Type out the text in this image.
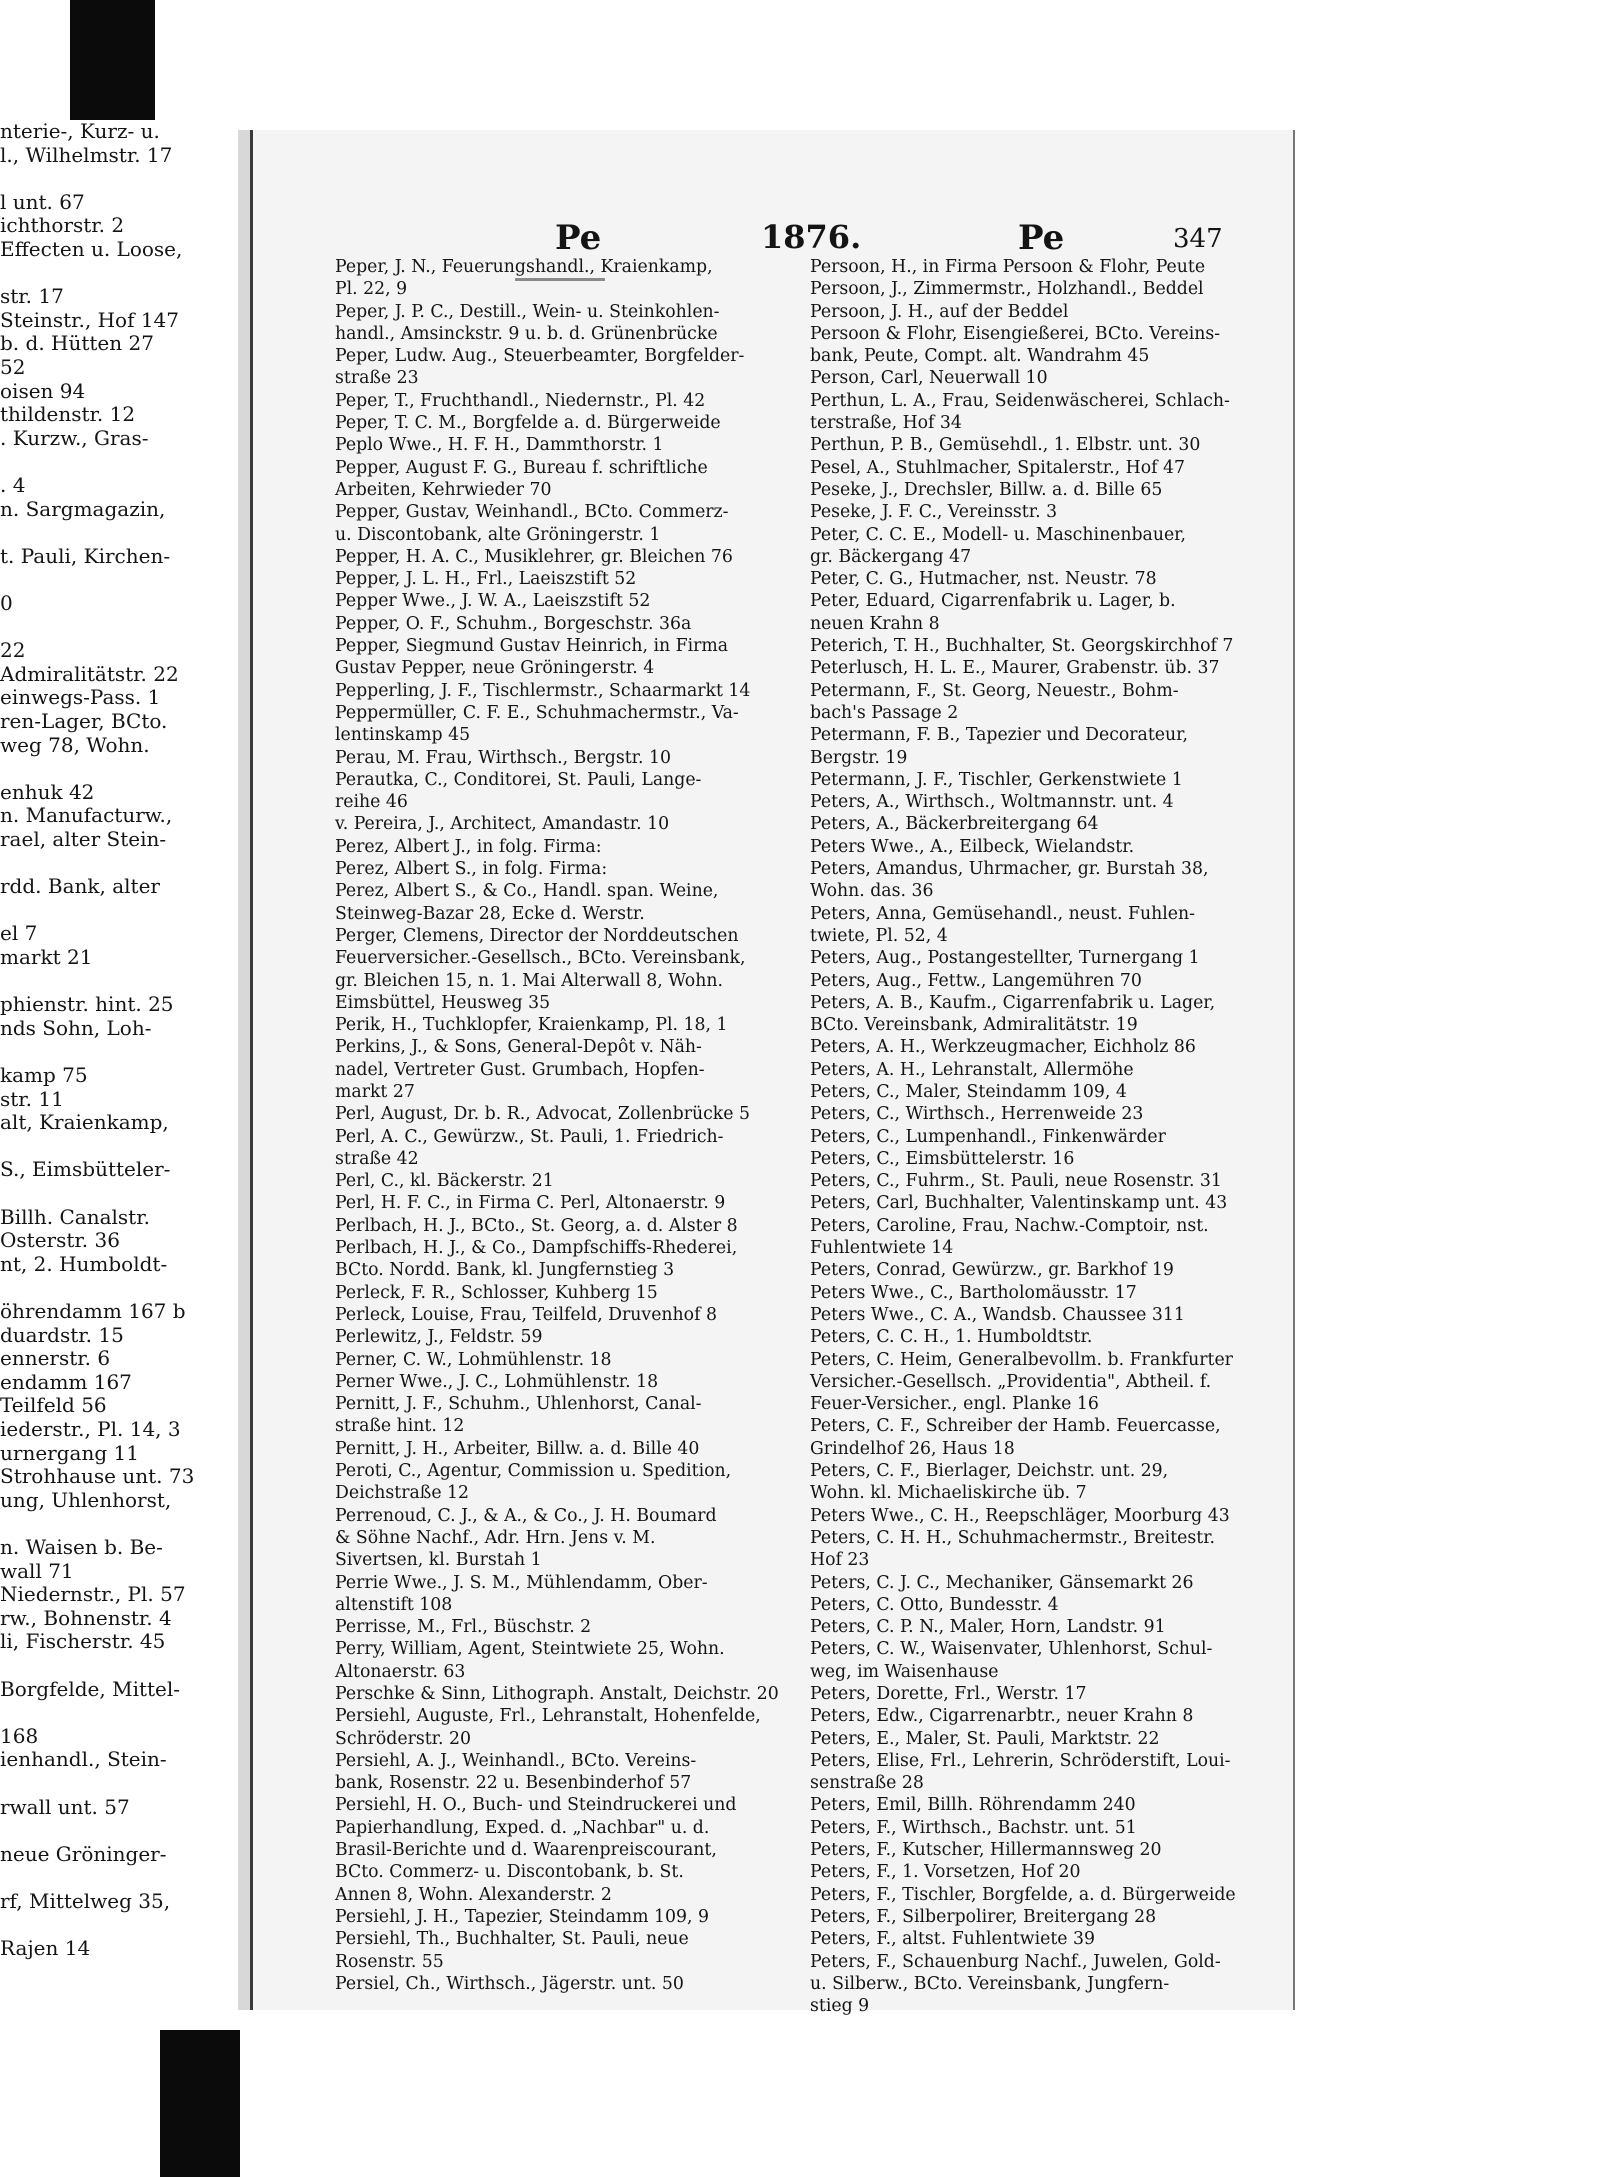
nterie-, Kurz- u.
l., Wilhelmstr. 17
l unt. 67
ichthorstr. 2
Effecten u. Loose,
str. 17
Steinstr., Hof 147
b. d. Hütten 27
52
oisen 94
thildenstr. 12
. Kurzw., Gras-
. 4
n. Sargmagazin,
t. Pauli, Kirchen-
0
22
Admiralitätstr. 22
einwegs-Pass. 1
ren-Lager, BCto.
weg 78, Wohn.
enhuk 42
n. Manufacturw.,
rael, alter Stein-
rdd. Bank, alter
el 7
markt 21
phienstr. hint. 25
nds Sohn, Loh-
kamp 75
str. 11
alt, Kraienkamp,
S., Eimsbütteler-
Billh. Canalstr.
Osterstr. 36
nt, 2. Humboldt-
öhrendamm 167 b
duardstr. 15
ennerstr. 6
endamm 167
Teilfeld 56
iederstr., Pl. 14, 3
urnergang 11
Strohhause unt. 73
ung, Uhlenhorst,
n. Waisen b. Be-
wall 71
Niedernstr., Pl. 57
rw., Bohnenstr. 4
li, Fischerstr. 45
Borgfelde, Mittel-
168
ienhandl., Stein-
rwall unt. 57
neue Gröninger-
rf, Mittelweg 35,
Rajen 14
Pe	1876.	Pe	347
Peper, J. N., Feuerungshandl., Kraienkamp,
Pl. 22, 9
Peper, J. P. C., Destill., Wein- u. Steinkohlen-
handl., Amsinckstr. 9 u. b. d. Grünenbrücke
Peper, Ludw. Aug., Steuerbeamter, Borgfelder-
straße 23
Peper, T., Fruchthandl., Niedernstr., Pl. 42
Peper, T. C. M., Borgfelde a. d. Bürgerweide
Peplo Wwe., H. F. H., Dammthorstr. 1
Pepper, August F. G., Bureau f. schriftliche
Arbeiten, Kehrwieder 70
Pepper, Gustav, Weinhandl., BCto. Commerz-
u. Discontobank, alte Gröningerstr. 1
Pepper, H. A. C., Musiklehrer, gr. Bleichen 76
Pepper, J. L. H., Frl., Laeiszstift 52
Pepper Wwe., J. W. A., Laeiszstift 52
Pepper, O. F., Schuhm., Borgeschstr. 36a
Pepper, Siegmund Gustav Heinrich, in Firma
Gustav Pepper, neue Gröningerstr. 4
Pepperling, J. F., Tischlermstr., Schaarmarkt 14
Peppermüller, C. F. E., Schuhmachermstr., Va-
lentinskamp 45
Perau, M. Frau, Wirthsch., Bergstr. 10
Perautka, C., Conditorei, St. Pauli, Lange-
reihe 46
v. Pereira, J., Architect, Amandastr. 10
Perez, Albert J., in folg. Firma:
Perez, Albert S., in folg. Firma:
Perez, Albert S., & Co., Handl. span. Weine,
Steinweg-Bazar 28, Ecke d. Werstr.
Perger, Clemens, Director der Norddeutschen
Feuerversicher.-Gesellsch., BCto. Vereinsbank,
gr. Bleichen 15, n. 1. Mai Alterwall 8, Wohn.
Eimsbüttel, Heusweg 35
Perik, H., Tuchklopfer, Kraienkamp, Pl. 18, 1
Perkins, J., & Sons, General-Depôt v. Näh-
nadel, Vertreter Gust. Grumbach, Hopfen-
markt 27
Perl, August, Dr. b. R., Advocat, Zollenbrücke 5
Perl, A. C., Gewürzw., St. Pauli, 1. Friedrich-
straße 42
Perl, C., kl. Bäckerstr. 21
Perl, H. F. C., in Firma C. Perl, Altonaerstr. 9
Perlbach, H. J., BCto., St. Georg, a. d. Alster 8
Perlbach, H. J., & Co., Dampfschiffs-Rhederei,
BCto. Nordd. Bank, kl. Jungfernstieg 3
Perleck, F. R., Schlosser, Kuhberg 15
Perleck, Louise, Frau, Teilfeld, Druvenhof 8
Perlewitz, J., Feldstr. 59
Perner, C. W., Lohmühlenstr. 18
Perner Wwe., J. C., Lohmühlenstr. 18
Pernitt, J. F., Schuhm., Uhlenhorst, Canal-
straße hint. 12
Pernitt, J. H., Arbeiter, Billw. a. d. Bille 40
Peroti, C., Agentur, Commission u. Spedition,
Deichstraße 12
Perrenoud, C. J., & A., & Co., J. H. Boumard
& Söhne Nachf., Adr. Hrn. Jens v. M.
Sivertsen, kl. Burstah 1
Perrie Wwe., J. S. M., Mühlendamm, Ober-
altenstift 108
Perrisse, M., Frl., Büschstr. 2
Perry, William, Agent, Steintwiete 25, Wohn.
Altonaerstr. 63
Perschke & Sinn, Lithograph. Anstalt, Deichstr. 20
Persiehl, Auguste, Frl., Lehranstalt, Hohenfelde,
Schröderstr. 20
Persiehl, A. J., Weinhandl., BCto. Vereins-
bank, Rosenstr. 22 u. Besenbinderhof 57
Persiehl, H. O., Buch- und Steindruckerei und
Papierhandlung, Exped. d. „Nachbar" u. d.
Brasil-Berichte und d. Waarenpreiscourant,
BCto. Commerz- u. Discontobank, b. St.
Annen 8, Wohn. Alexanderstr. 2
Persiehl, J. H., Tapezier, Steindamm 109, 9
Persiehl, Th., Buchhalter, St. Pauli, neue
Rosenstr. 55
Persiel, Ch., Wirthsch., Jägerstr. unt. 50
Persoon, H., in Firma Persoon & Flohr, Peute
Persoon, J., Zimmermstr., Holzhandl., Beddel
Persoon, J. H., auf der Beddel
Persoon & Flohr, Eisengießerei, BCto. Vereins-
bank, Peute, Compt. alt. Wandrahm 45
Person, Carl, Neuerwall 10
Perthun, L. A., Frau, Seidenwäscherei, Schlach-
terstraße, Hof 34
Perthun, P. B., Gemüsehdl., 1. Elbstr. unt. 30
Pesel, A., Stuhlmacher, Spitalerstr., Hof 47
Peseke, J., Drechsler, Billw. a. d. Bille 65
Peseke, J. F. C., Vereinsstr. 3
Peter, C. C. E., Modell- u. Maschinenbauer,
gr. Bäckergang 47
Peter, C. G., Hutmacher, nst. Neustr. 78
Peter, Eduard, Cigarrenfabrik u. Lager, b.
neuen Krahn 8
Peterich, T. H., Buchhalter, St. Georgskirchhof 7
Peterlusch, H. L. E., Maurer, Grabenstr. üb. 37
Petermann, F., St. Georg, Neuestr., Bohm-
bach's Passage 2
Petermann, F. B., Tapezier und Decorateur,
Bergstr. 19
Petermann, J. F., Tischler, Gerkenstwiete 1
Peters, A., Wirthsch., Woltmannstr. unt. 4
Peters, A., Bäckerbreitergang 64
Peters Wwe., A., Eilbeck, Wielandstr.
Peters, Amandus, Uhrmacher, gr. Burstah 38,
Wohn. das. 36
Peters, Anna, Gemüsehandl., neust. Fuhlen-
twiete, Pl. 52, 4
Peters, Aug., Postangestellter, Turnergang 1
Peters, Aug., Fettw., Langemühren 70
Peters, A. B., Kaufm., Cigarrenfabrik u. Lager,
BCto. Vereinsbank, Admiralitätstr. 19
Peters, A. H., Werkzeugmacher, Eichholz 86
Peters, A. H., Lehranstalt, Allermöhe
Peters, C., Maler, Steindamm 109, 4
Peters, C., Wirthsch., Herrenweide 23
Peters, C., Lumpenhandl., Finkenwärder
Peters, C., Eimsbüttelerstr. 16
Peters, C., Fuhrm., St. Pauli, neue Rosenstr. 31
Peters, Carl, Buchhalter, Valentinskamp unt. 43
Peters, Caroline, Frau, Nachw.-Comptoir, nst.
Fuhlentwiete 14
Peters, Conrad, Gewürzw., gr. Barkhof 19
Peters Wwe., C., Bartholomäusstr. 17
Peters Wwe., C. A., Wandsb. Chaussee 311
Peters, C. C. H., 1. Humboldtstr.
Peters, C. Heim, Generalbevollm. b. Frankfurter
Versicher.-Gesellsch. „Providentia", Abtheil. f.
Feuer-Versicher., engl. Planke 16
Peters, C. F., Schreiber der Hamb. Feuercasse,
Grindelhof 26, Haus 18
Peters, C. F., Bierlager, Deichstr. unt. 29,
Wohn. kl. Michaeliskirche üb. 7
Peters Wwe., C. H., Reepschläger, Moorburg 43
Peters, C. H. H., Schuhmachermstr., Breitestr.
Hof 23
Peters, C. J. C., Mechaniker, Gänsemarkt 26
Peters, C. Otto, Bundesstr. 4
Peters, C. P. N., Maler, Horn, Landstr. 91
Peters, C. W., Waisenvater, Uhlenhorst, Schul-
weg, im Waisenhause
Peters, Dorette, Frl., Werstr. 17
Peters, Edw., Cigarrenarbtr., neuer Krahn 8
Peters, E., Maler, St. Pauli, Marktstr. 22
Peters, Elise, Frl., Lehrerin, Schröderstift, Loui-
senstraße 28
Peters, Emil, Billh. Röhrendamm 240
Peters, F., Wirthsch., Bachstr. unt. 51
Peters, F., Kutscher, Hillermannsweg 20
Peters, F., 1. Vorsetzen, Hof 20
Peters, F., Tischler, Borgfelde, a. d. Bürgerweide
Peters, F., Silberpolirer, Breitergang 28
Peters, F., altst. Fuhlentwiete 39
Peters, F., Schauenburg Nachf., Juwelen, Gold-
u. Silberw., BCto. Vereinsbank, Jungfern-
stieg 9
